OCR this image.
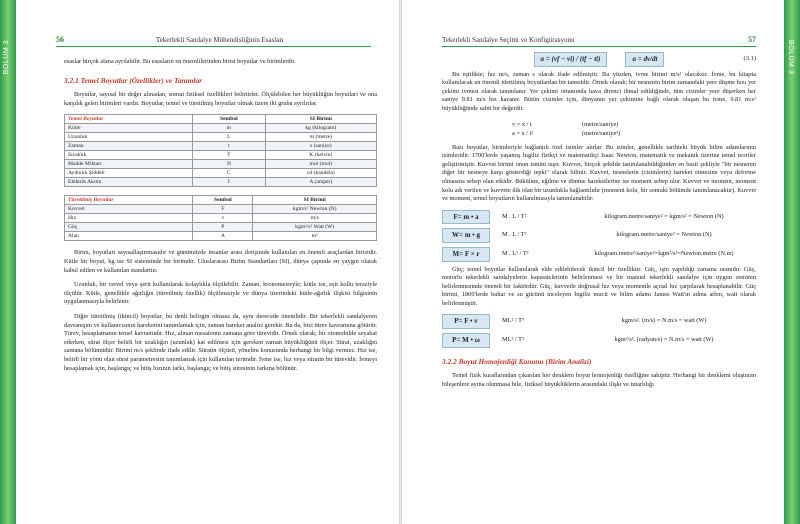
BÖLÜM 3	BÖLÜM 3
56	Tekerlekli Sandalye Mühendisliğinin Esasları

esaslar birçok alana ayrılabilir. Bu esasların en önemlilerinden birisi boyutlar ve birimlerdir.

3.2.1 Temel Boyutlar (Özellikler) ve Tanımlar

Boyutlar, sayısal bir değer alınadan, somut fiziksel özellikleri belirtirler. Ölçülebilen her büyüklüğün boyutları ve ona karşılık gelen birimleri vardır. Boyutlar, temel ve türetilmiş boyutlar olmak üzere iki gruba ayrılırlar.

Temel Boyutlar	Sembol	SI Birimi
Kütle	m	kg (kilogram)
Uzunluk	L	m (metre)
Zaman	t	s (saniye)
Sıcaklık	T	K (kelvin)
Madde Miktarı	N	mol (mol)
Aydınlık Şiddeti	C	cd (kandela)
Elektrik Akımı	I	A (amper)
Türetilmiş Boyutlar	Sembol	SI Birimi
Kuvvet	F	kgm/s² Newton (N)
Hız	v	m/s
Güç	P	kgm²/s³ Watt (W)
Alan	A	m²

Birim, boyutları sayısallaştırmasıdır ve günümüzde insanlar arası iletişimde kullanılan en önemli araçlardan birisidir. Kütle bir boyut, kg ise SI sisteminde bir birimdir. Uluslararası Birim Standartları (SI), dünya çapında en yaygın olarak kabul edilen ve kullanılan standarttır.

Uzunluk, bir cetvel veya şerit kullanılarak kolaylıkla ölçülebilir. Zaman, kronometreyle; kütle ise, eşit kollu teraziyle ölçülür. Kütle, genellikle ağırlığın (türetilmiş özellik) ölçülmesiyle ve dünya üzerindeki kütle-ağırlık ilişkisi bilgisinin uygulanmasıyla belirlenir.

Diğer türetilmiş (ikincil) boyutlar, bu denli belirgin olmasa da, aynı derecede önemlidir. Bir tekerlekli sandalyenin davranışını ve kullanıcısının hareketini tanımlamak için, zaman hareket analizi gerekir. Bu da, bizi türev kavramına götürür. Türev, hesaplamanın temel kavramıdır. Hız, alınan mesafenin zamana göre türevidir. Örnek olarak; bir otomobilde seyahat ederken, sürat ölçer belirli bir uzaklığın (uzunluk) kat edilmesi için gereken zaman büyüklüğünü ölçer. Sürat, uzaklığın zamana bölümüdür. Birimi m/s şeklinde ifade edilir. Süratin ölçüsü, yönelim konusunda herhangi bir bilgi vermez. Hız ise, belirli bir yönü olan sürat parametresini tanımlamak için kullanılan terimdir. İvme ise, hız veya süratin bir türevidir. İvmeyi hesaplamak için, başlangıç ve bitiş hızının farkı, başlangıç ve bitiş süresinin farkına bölünür.

Tekerlekli Sandalye Seçimi ve Konfigürasyonu	57
a = (vf − vi) / (tf − ti)	a = dv/dt	(3.1)

Bu eşitlikte; hız m/s, zaman s olarak ifade edilmiştir. Bu yüzden, ivme birimi m/s² olacaktır. İvme, bu kitapta kullanılacak en önemli türetilmiş boyutlardan bir tanesidir. Örnek olarak; bir nesnenin birim zamandaki yere düşme hızı yer çekimi ivmesi olarak tanımlanır. Yer çekimi ortamında hava direnci ihmal edildiğinde, tüm cisimler yere düşerken her saniye 9.81 m/s hız kazanır. Bütün cisimler için, dünyanın yer çekimine bağlı olarak oluşan bu ivme, 9.81 m/s² büyüklüğünde sabit bir değerdir.

v = x / t	(metre/saniye)
a = x / t²	(metre/saniye²)

Bazı boyutlar, birimleriyle bağlantılı özel isimler alırlar. Bu isimler, genellikle tarihteki büyük bilim adamlarının isimleridir. 1700'lerde yaşamış İngiliz fizikçi ve matematikçi Isaac Newton, matematik ve mekanik üzerine temel teoriler geliştirmiştir. Kuvvet birimi onun ismini taşır. Kuvvet, birçok şekilde tanımlanabildiğinden en basit şekliyle "bir nesnenin diğer bir nesneye karşı gösterdiği tepki" olarak bilinir. Kuvvet, nesnelerin (cisimlerin) hareket etmesine veya deforme olmasına sebep olan etkidir. Bükülme, eğilme ve dönme hareketlerine ise moment sebep olur. Kuvvet ve moment, moment kolu adı verilen ve kuvvete dik olan bir uzunlukla bağlantılıdır (moment kolu, bir sonraki bölümde tanımlanacaktır). Kuvvet ve moment, temel boyutların kullanılmasıyla tanımlanabilir:

F= m • a	M . L / T²	kilogram.metre/saniye² = kgm/s² = Newton (N)
W= m • g	M . L / T²	kilogram.metre/saniye² = Newton (N)
M= F × r	M . L² / T²	kilogram.metre²/saniye²=kgm²/s²=Newton.metre (N.m)

Güç; temel boyutlar kullanılarak elde edilebilecek ikincil bir özelliktir. Güç, işin yapıldığı zamana oranıdır. Güç, motorlu tekerlekli sandalyelerin kapasitelerinin belirlenmesi ve bir manuel tekerlekli sandalye için uygun zeminin belirlenmesinde önemli bir faktördür. Güç, kuvvetle doğrusal hız veya momentle açısal hız çarpılarak hesaplanabilir. Güç birimi, 1800'lerde buhar ve su gücünü inceleyen İngiliz mucit ve bilim adamı James Watt'ın adına atfen, watt olarak belirlenmiştir.

P= F • v	ML² / T³	kgm/s². (m/s) = N.m/s = watt (W)
P= M • ω	ML² / T³	kgm²/s². (radyan/s) = N.m/s = watt (W)
3.2.2 Boyut Homojenliği Kanunu (Birim Analizi)

Temel fizik kurallarından çıkarılan her denklem boyut homojenliği özelliğine sahiptir. Herhangi bir denklemi oluşturan bileşenlere ayına olunmasa bile, fiziksel büyüklüklerin arasındaki ilişki ve tutarlılığı
